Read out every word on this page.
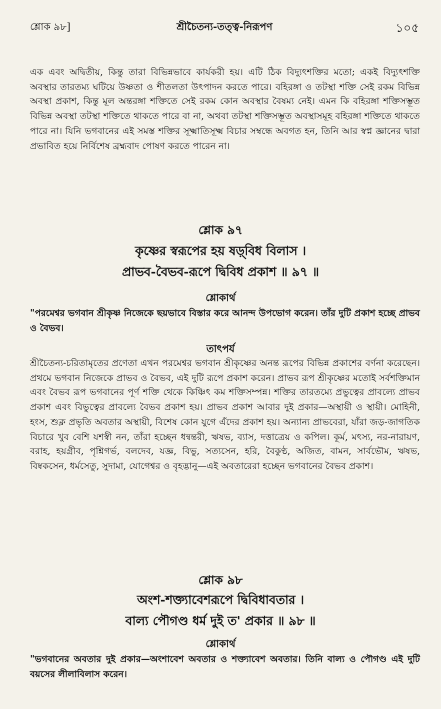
শ্লোক ৯৮]	শ্রীচৈতন্য-তত্ত্ব-নিরূপণ	১০৫
এক এবং অদ্বিতীয়, কিন্তু তারা বিভিন্নভাবে কার্যকরী হয়। এটি ঠিক বিদ্যুৎশক্তির মতো; একই বিদ্যুৎশক্তি অবস্থার তারতম্য ঘটিয়ে উষ্ণতা ও শীতলতা উৎপাদন করতে পারে। বহিরঙ্গা ও তটস্থা শক্তি সেই রকম বিভিন্ন অবস্থা প্রকাশ, কিন্তু মূল অন্তরঙ্গা শক্তিতে সেই রকম কোন অবস্থার বৈষম্য নেই। এমন কি বহিরঙ্গা শক্তিসম্ভূত বিভিন্ন অবস্থা তটস্থা শক্তিতে থাকতে পারে বা না, অথবা তটস্থা শক্তিসম্ভূত অবস্থাসমূহ বহিরঙ্গা শক্তিতে থাকতে পারে না। যিনি ভগবানের এই সমস্ত শক্তির সূক্ষ্মাতিসূক্ষ্ম বিচার সম্বন্ধে অবগত হন, তিনি আর স্বপ্ন জ্ঞানের দ্বারা প্রভাবিত হয়ে নির্বিশেষ ব্রহ্মবাদ পোষণ করতে পারেন না।
শ্লোক ৯৭
কৃষ্ণের স্বরূপের হয় ষড়্‌বিধ বিলাস ।
প্রাভব-বৈভব-রূপে দ্বিবিধ প্রকাশ ॥ ৯৭ ॥
শ্লোকার্থ
"পরমেশ্বর ভগবান শ্রীকৃষ্ণ নিজেকে ছয়ভাবে বিস্তার করে আনন্দ উপভোগ করেন। তাঁর দুটি প্রকাশ হচ্ছে প্রাভব ও বৈভব।
তাৎপর্য
শ্রীচৈতন্য-চরিতামৃতের প্রণেতা এখন পরমেশ্বর ভগবান শ্রীকৃষ্ণের অনন্ত রূপের বিভিন্ন প্রকাশের বর্ণনা করেছেন। প্রথমে ভগবান নিজেকে প্রাভব ও বৈভব, এই দুটি রূপে প্রকাশ করেন। প্রাভব রূপ শ্রীকৃষ্ণের মতোই সর্বশক্তিমান এবং বৈভব রূপ ভগবানের পূর্ণ শক্তি থেকে কিঞ্চিৎ কম শক্তিসম্পন্ন। শক্তির তারতম্যে প্রভুত্বের প্রাবল্যে প্রাভব প্রকাশ এবং বিভুত্বের প্রাবল্যে বৈভব প্রকাশ হয়। প্রাভব প্রকাশ আবার দুই প্রকার—অস্থায়ী ও স্থায়ী। মোহিনী, হংস, শুক্ল প্রভৃতি অবতার অস্থায়ী, বিশেষ কোন যুগে এঁদের প্রকাশ হয়। অন্যান্য প্রাভবেরা, যাঁরা জড়-জাগতিক বিচারে খুব বেশি যশস্বী নন, তাঁরা হচ্ছেন ধন্বন্তরী, ঋষভ, ব্যাস, দত্তাত্রেয় ও কপিল। কূর্ম, মৎস্য, নর-নারায়ণ, বরাহ, হয়গ্রীব, পৃশ্নিগর্ভ, বলদেব, যজ্ঞ, বিভু, সত্যসেন, হরি, বৈকুণ্ঠ, অজিত, বামন, সার্বভৌম, ঋষভ, বিষ্বকসেন, ধর্মসেতু, সুদামা, যোগেশ্বর ও বৃহদ্ভানু—এই অবতারেরা হচ্ছেন ভগবানের বৈভব প্রকাশ।
শ্লোক ৯৮
অংশ-শক্ত্যাবেশরূপে দ্বিবিধাবতার ।
বাল্য পৌগণ্ড ধর্ম দুই ত' প্রকার ॥ ৯৮ ॥
শ্লোকার্থ
"ভগবানের অবতার দুই প্রকার—অংশাবেশ অবতার ও শক্ত্যাবেশ অবতার। তিনি বাল্য ও পৌগণ্ড এই দুটি বয়সের লীলাবিলাস করেন।
